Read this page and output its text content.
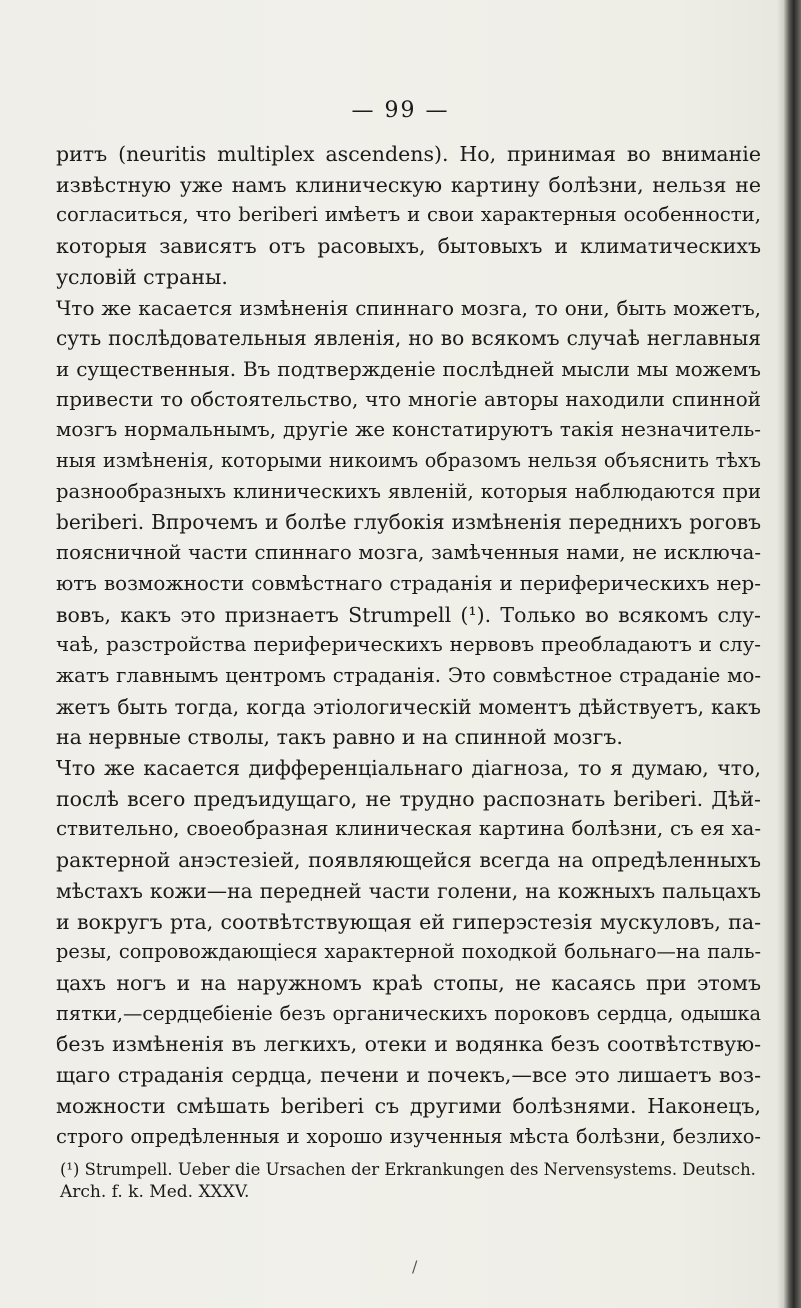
— 99 —
ритъ (neuritis multiplex ascendens). Но, принимая во вниманіе
извѣстную уже намъ клиническую картину болѣзни, нельзя не
согласиться, что beriberi имѣетъ и свои характерныя особенности,
которыя зависятъ отъ расовыхъ, бытовыхъ и климатическихъ
условій страны.
Что же касается измѣненія спиннаго мозга, то они, быть можетъ,
суть послѣдовательныя явленія, но во всякомъ случаѣ неглавныя
и существенныя. Въ подтвержденіе послѣдней мысли мы можемъ
привести то обстоятельство, что многіе авторы находили спинной
мозгъ нормальнымъ, другіе же констатируютъ такія незначитель-
ныя измѣненія, которыми никоимъ образомъ нельзя объяснить тѣхъ
разнообразныхъ клиническихъ явленій, которыя наблюдаются при
beriberi. Впрочемъ и болѣе глубокія измѣненія переднихъ роговъ
поясничной части спиннаго мозга, замѣченныя нами, не исключа-
ютъ возможности совмѣстнаго страданія и периферическихъ нер-
вовъ, какъ это признаетъ Strumpell (¹). Только во всякомъ слу-
чаѣ, разстройства периферическихъ нервовъ преобладаютъ и слу-
жатъ главнымъ центромъ страданія. Это совмѣстное страданіе мо-
жетъ быть тогда, когда этіологическій моментъ дѣйствуетъ, какъ
на нервные стволы, такъ равно и на спинной мозгъ.
Что же касается дифференціальнаго діагноза, то я думаю, что,
послѣ всего предъидущаго, не трудно распознать beriberi. Дѣй-
ствительно, своеобразная клиническая картина болѣзни, съ ея ха-
рактерной анэстезіей, появляющейся всегда на опредѣленныхъ
мѣстахъ кожи—на передней части голени, на кожныхъ пальцахъ
и вокругъ рта, соотвѣтствующая ей гиперэстезія мускуловъ, па-
резы, сопровождающіеся характерной походкой больнаго—на паль-
цахъ ногъ и на наружномъ краѣ стопы, не касаясь при этомъ
пятки,—сердцебіеніе безъ органическихъ пороковъ сердца, одышка
безъ измѣненія въ легкихъ, отеки и водянка безъ соотвѣтствую-
щаго страданія сердца, печени и почекъ,—все это лишаетъ воз-
можности смѣшать beriberi съ другими болѣзнями. Наконецъ,
строго опредѣленныя и хорошо изученныя мѣста болѣзни, безлихо-
(¹) Strumpell. Ueber die Ursachen der Erkrankungen des Nervensystems. Deutsch.
Arch. f. k. Med. XXXV.
/
